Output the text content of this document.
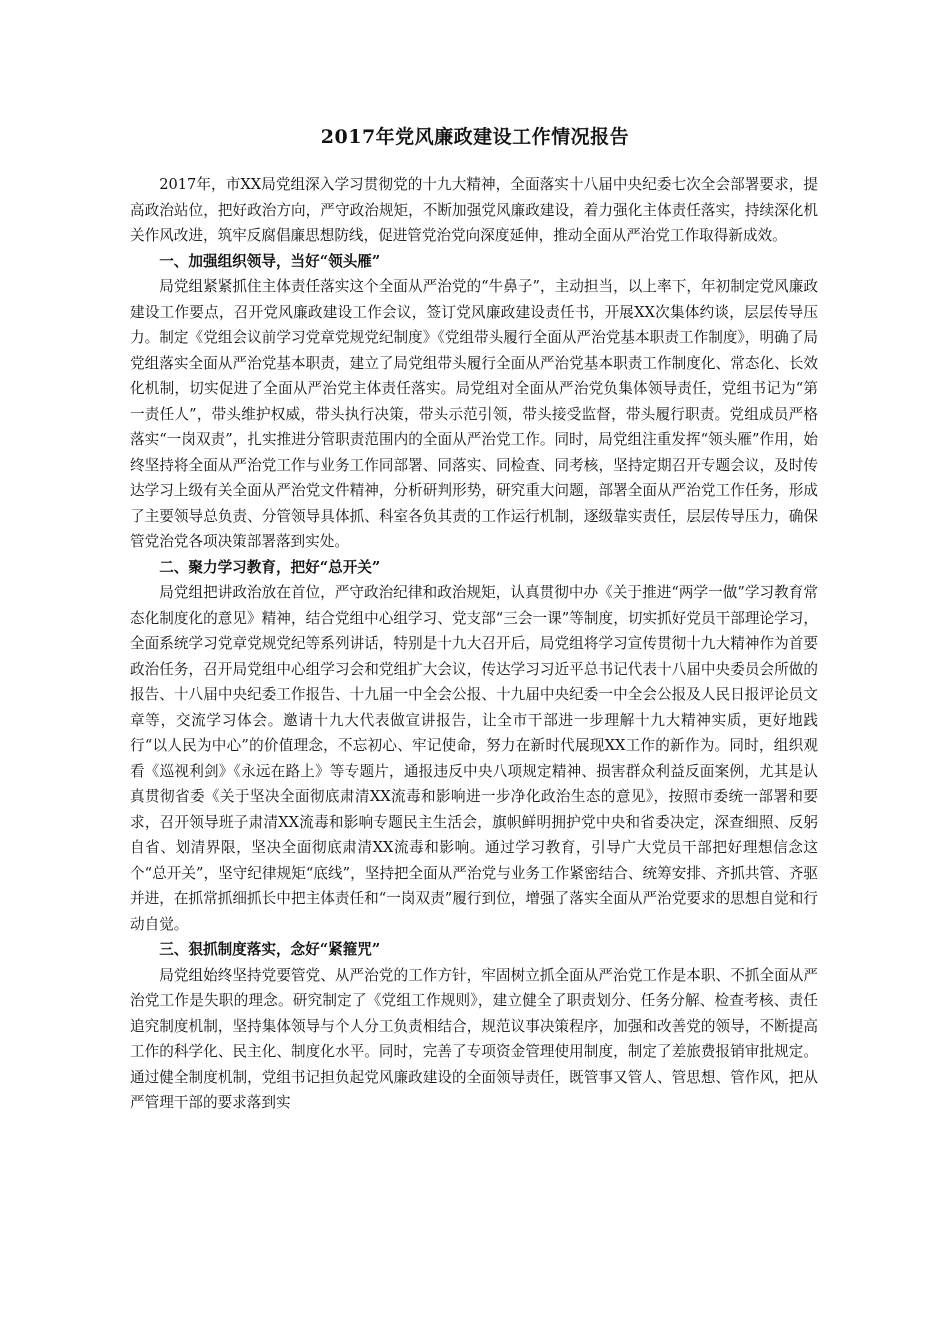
2017年党风廉政建设工作情况报告

2017年，市XX局党组深入学习贯彻党的十九大精神，全面落实十八届中央纪委七次全会部署要求，提高政治站位，把好政治方向，严守政治规矩，不断加强党风廉政建设，着力强化主体责任落实，持续深化机关作风改进，筑牢反腐倡廉思想防线，促进管党治党向深度延伸，推动全面从严治党工作取得新成效。

一、加强组织领导，当好“领头雁”

局党组紧紧抓住主体责任落实这个全面从严治党的“牛鼻子”，主动担当，以上率下，年初制定党风廉政建设工作要点，召开党风廉政建设工作会议，签订党风廉政建设责任书，开展XX次集体约谈，层层传导压力。制定《党组会议前学习党章党规党纪制度》《党组带头履行全面从严治党基本职责工作制度》，明确了局党组落实全面从严治党基本职责，建立了局党组带头履行全面从严治党基本职责工作制度化、常态化、长效化机制，切实促进了全面从严治党主体责任落实。局党组对全面从严治党负集体领导责任，党组书记为“第一责任人”，带头维护权威，带头执行决策，带头示范引领，带头接受监督，带头履行职责。党组成员严格落实“一岗双责”，扎实推进分管职责范围内的全面从严治党工作。同时，局党组注重发挥“领头雁”作用，始终坚持将全面从严治党工作与业务工作同部署、同落实、同检查、同考核，坚持定期召开专题会议，及时传达学习上级有关全面从严治党文件精神，分析研判形势，研究重大问题，部署全面从严治党工作任务，形成了主要领导总负责、分管领导具体抓、科室各负其责的工作运行机制，逐级靠实责任，层层传导压力，确保管党治党各项决策部署落到实处。

二、聚力学习教育，把好“总开关”

局党组把讲政治放在首位，严守政治纪律和政治规矩，认真贯彻中办《关于推进“两学一做”学习教育常态化制度化的意见》精神，结合党组中心组学习、党支部“三会一课”等制度，切实抓好党员干部理论学习，全面系统学习党章党规党纪等系列讲话，特别是十九大召开后，局党组将学习宣传贯彻十九大精神作为首要政治任务，召开局党组中心组学习会和党组扩大会议，传达学习习近平总书记代表十八届中央委员会所做的报告、十八届中央纪委工作报告、十九届一中全会公报、十九届中央纪委一中全会公报及人民日报评论员文章等，交流学习体会。邀请十九大代表做宣讲报告，让全市干部进一步理解十九大精神实质，更好地践行“以人民为中心”的价值理念，不忘初心、牢记使命，努力在新时代展现XX工作的新作为。同时，组织观看《巡视利剑》《永远在路上》等专题片，通报违反中央八项规定精神、损害群众利益反面案例，尤其是认真贯彻省委《关于坚决全面彻底肃清XX流毒和影响进一步净化政治生态的意见》，按照市委统一部署和要求，召开领导班子肃清XX流毒和影响专题民主生活会，旗帜鲜明拥护党中央和省委决定，深查细照、反躬自省、划清界限，坚决全面彻底肃清XX流毒和影响。通过学习教育，引导广大党员干部把好理想信念这个“总开关”，坚守纪律规矩“底线”，坚持把全面从严治党与业务工作紧密结合、统筹安排、齐抓共管、齐驱并进，在抓常抓细抓长中把主体责任和“一岗双责”履行到位，增强了落实全面从严治党要求的思想自觉和行动自觉。

三、狠抓制度落实，念好“紧箍咒”

局党组始终坚持党要管党、从严治党的工作方针，牢固树立抓全面从严治党工作是本职、不抓全面从严治党工作是失职的理念。研究制定了《党组工作规则》，建立健全了职责划分、任务分解、检查考核、责任追究制度机制，坚持集体领导与个人分工负责相结合，规范议事决策程序，加强和改善党的领导，不断提高工作的科学化、民主化、制度化水平。同时，完善了专项资金管理使用制度，制定了差旅费报销审批规定。通过健全制度机制，党组书记担负起党风廉政建设的全面领导责任，既管事又管人、管思想、管作风，把从严管理干部的要求落到实
